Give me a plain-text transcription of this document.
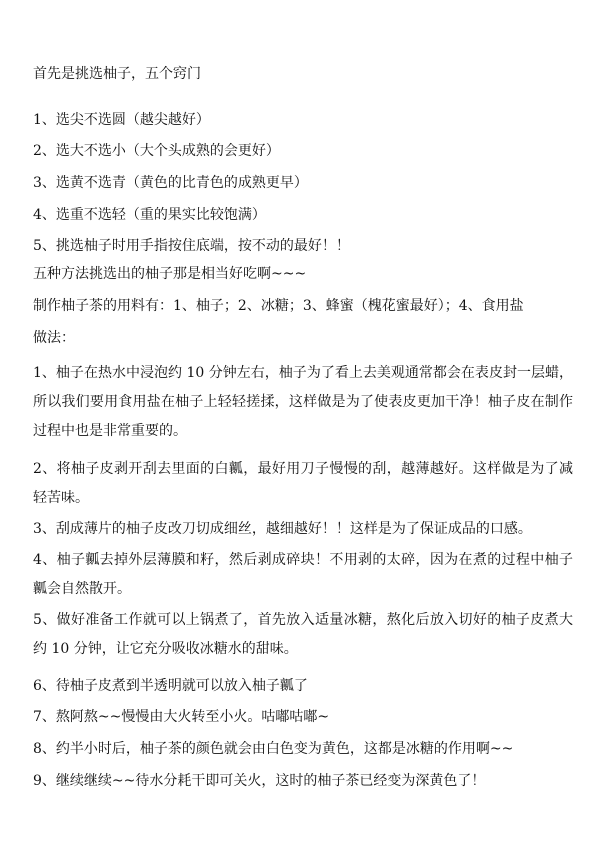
首先是挑选柚子，五个窍门
1、选尖不选圆（越尖越好）
2、选大不选小（大个头成熟的会更好）
3、选黄不选青（黄色的比青色的成熟更早）
4、选重不选轻（重的果实比较饱满）
5、挑选柚子时用手指按住底端，按不动的最好！！
五种方法挑选出的柚子那是相当好吃啊~~~
制作柚子茶的用料有：1、柚子；2、冰糖；3、蜂蜜（槐花蜜最好）；4、食用盐
做法：
1、柚子在热水中浸泡约 10 分钟左右，柚子为了看上去美观通常都会在表皮封一层蜡，所以我们要用食用盐在柚子上轻轻搓揉，这样做是为了使表皮更加干净！柚子皮在制作过程中也是非常重要的。
2、将柚子皮剥开刮去里面的白瓤，最好用刀子慢慢的刮，越薄越好。这样做是为了减轻苦味。
3、刮成薄片的柚子皮改刀切成细丝，越细越好！！这样是为了保证成品的口感。
4、柚子瓤去掉外层薄膜和籽，然后剥成碎块！不用剥的太碎，因为在煮的过程中柚子瓤会自然散开。
5、做好准备工作就可以上锅煮了，首先放入适量冰糖，熬化后放入切好的柚子皮煮大约 10 分钟，让它充分吸收冰糖水的甜味。
6、待柚子皮煮到半透明就可以放入柚子瓤了
7、熬阿熬~~慢慢由大火转至小火。咕嘟咕嘟~
8、约半小时后，柚子茶的颜色就会由白色变为黄色，这都是冰糖的作用啊~~
9、继续继续~~待水分耗干即可关火，这时的柚子茶已经变为深黄色了！
